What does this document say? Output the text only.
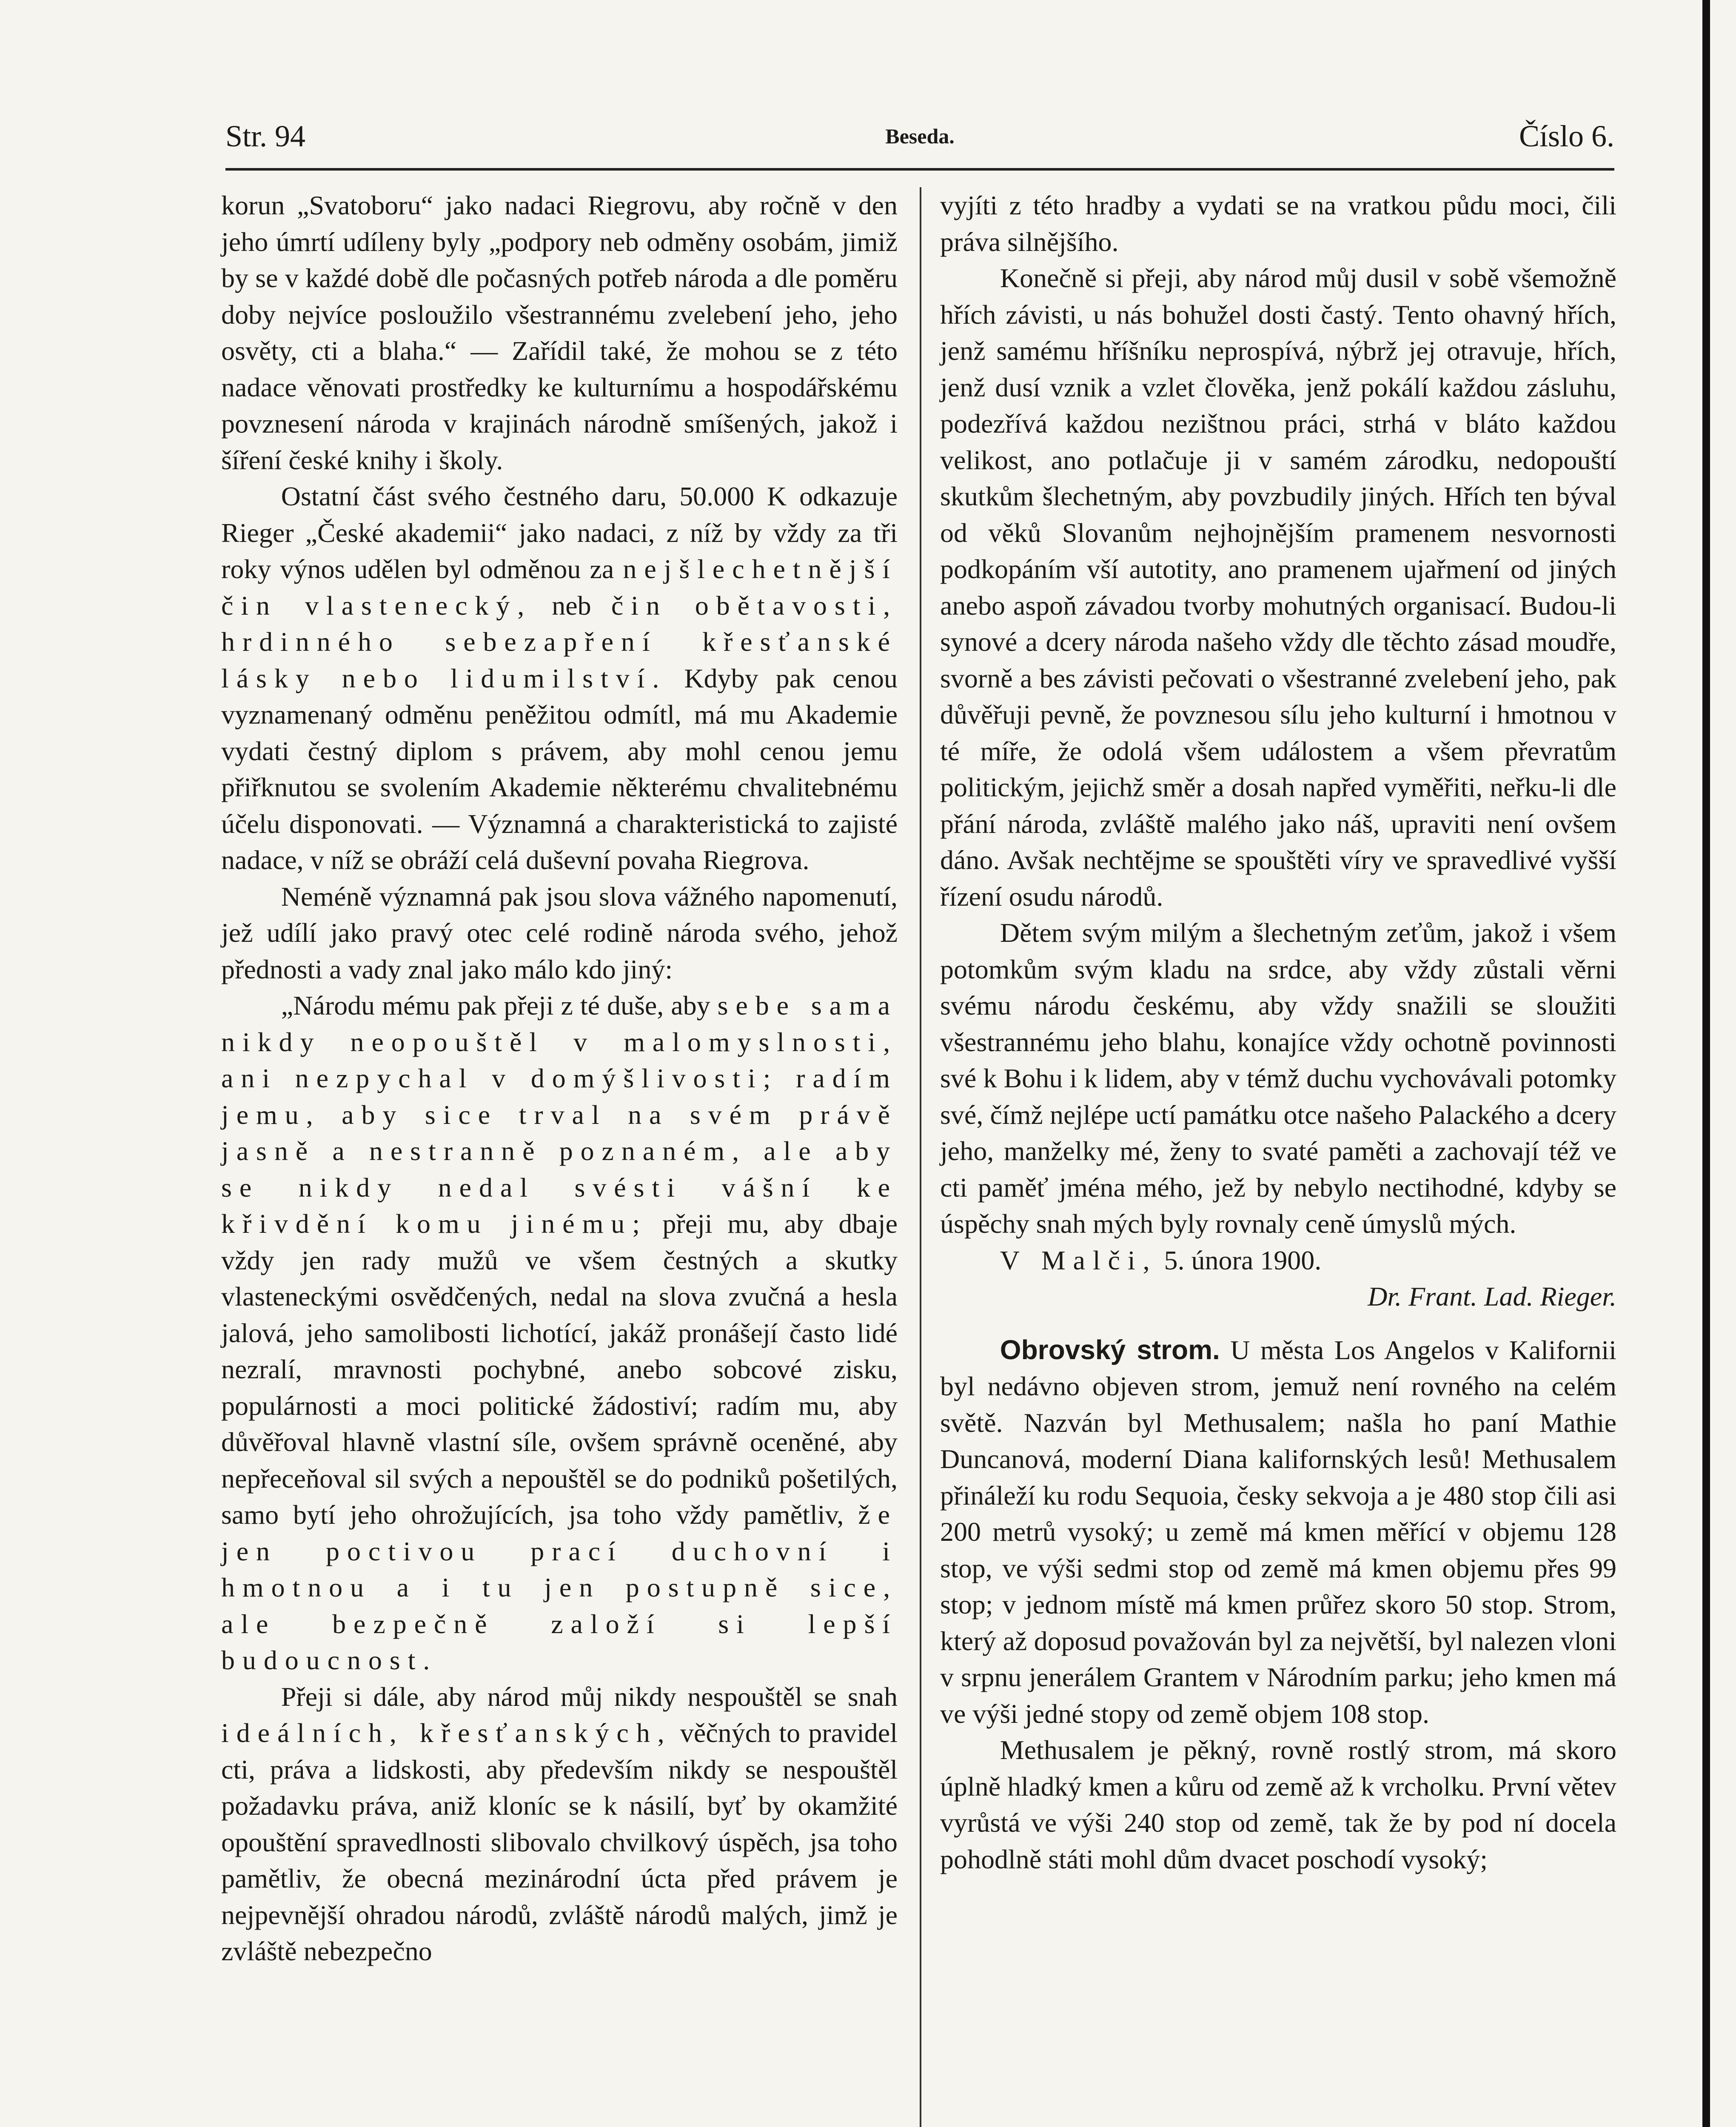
Str. 94	Beseda.	Číslo 6.

korun „Svatoboru“ jako nadaci Riegrovu, aby ročně v den jeho úmrtí udíleny byly „podpory neb odměny osobám, jimiž by se v každé době dle počasných potřeb národa a dle poměru doby nejvíce posloužilo všestrannému zvelebení jeho, jeho osvěty, cti a blaha.“ — Zařídil také, že mohou se z této nadace věnovati prostředky ke kulturnímu a hospodářskému povznesení národa v krajinách národně smíšených, jakož i šíření české knihy i školy.

Ostatní část svého čestného daru, 50.000 K odkazuje Rieger „České akademii“ jako nadaci, z níž by vždy za tři roky výnos udělen byl odměnou za nejšlechetnější čin vlastenecký, neb čin obětavosti, hrdinného sebezapření křesťanské lásky nebo lidumilství. Kdyby pak cenou vyznamenaný odměnu peněžitou odmítl, má mu Akademie vydati čestný diplom s právem, aby mohl cenou jemu přiřknutou se svolením Akademie některému chvalitebnému účelu disponovati. — Významná a charakteristická to zajisté nadace, v níž se obráží celá duševní povaha Riegrova.

Neméně významná pak jsou slova vážného napomenutí, jež udílí jako pravý otec celé rodině národa svého, jehož přednosti a vady znal jako málo kdo jiný:

„Národu mému pak přeji z té duše, aby sebe sama nikdy neopouštěl v malomyslnosti, ani nezpychal v domýšlivosti; radím jemu, aby sice trval na svém právě jasně a nestranně poznaném, ale aby se nikdy nedal svésti vášní ke křivdění komu jinému; přeji mu, aby dbaje vždy jen rady mužů ve všem čestných a skutky vlasteneckými osvědčených, nedal na slova zvučná a hesla jalová, jeho samolibosti lichotící, jakáž pronášejí často lidé nezralí, mravnosti pochybné, anebo sobcové zisku, populárnosti a moci politické žádostiví; radím mu, aby důvěřoval hlavně vlastní síle, ovšem správně oceněné, aby nepřeceňoval sil svých a nepouštěl se do podniků pošetilých, samo bytí jeho ohrožujících, jsa toho vždy pamětliv, že jen poctivou prací duchovní i hmotnou a i tu jen postupně sice, ale bezpečně založí si lepší budoucnost.

Přeji si dále, aby národ můj nikdy nespouštěl se snah ideálních, křesťanských, věčných to pravidel cti, práva a lidskosti, aby především nikdy se nespouštěl požadavku práva, aniž kloníc se k násilí, byť by okamžité opouštění spravedlnosti slibovalo chvilkový úspěch, jsa toho pamětliv, že obecná mezinárodní úcta před právem je nejpevnější ohradou národů, zvláště národů malých, jimž je zvláště nebezpečno

vyjíti z této hradby a vydati se na vratkou půdu moci, čili práva silnějšího.

Konečně si přeji, aby národ můj dusil v sobě všemožně hřích závisti, u nás bohužel dosti častý. Tento ohavný hřích, jenž samému hříšníku neprospívá, nýbrž jej otravuje, hřích, jenž dusí vznik a vzlet člověka, jenž pokálí každou zásluhu, podezřívá každou nezištnou práci, strhá v bláto každou velikost, ano potlačuje ji v samém zárodku, nedopouští skutkům šlechetným, aby povzbudily jiných. Hřích ten býval od věků Slovanům nejhojnějším pramenem nesvornosti podkopáním vší autotity, ano pramenem ujařmení od jiných anebo aspoň závadou tvorby mohutných organisací. Budou-li synové a dcery národa našeho vždy dle těchto zásad moudře, svorně a bes závisti pečovati o všestranné zvelebení jeho, pak důvěřuji pevně, že povznesou sílu jeho kulturní i hmotnou v té míře, že odolá všem událostem a všem převratům politickým, jejichž směr a dosah napřed vyměřiti, neřku-li dle přání národa, zvláště malého jako náš, upraviti není ovšem dáno. Avšak nechtějme se spouštěti víry ve spravedlivé vyšší řízení osudu národů.

Dětem svým milým a šlechetným zeťům, jakož i všem potomkům svým kladu na srdce, aby vždy zůstali věrni svému národu českému, aby vždy snažili se sloužiti všestrannému jeho blahu, konajíce vždy ochotně povinnosti své k Bohu i k lidem, aby v témž duchu vychovávali potomky své, čímž nejlépe uctí památku otce našeho Palackého a dcery jeho, manželky mé, ženy to svaté paměti a zachovají též ve cti paměť jména mého, jež by nebylo nectihodné, kdyby se úspěchy snah mých byly rovnaly ceně úmyslů mých.

V Malči, 5. února 1900.

Dr. Frant. Lad. Rieger.

Obrovský strom. U města Los Angelos v Kalifornii byl nedávno objeven strom, jemuž není rovného na celém světě. Nazván byl Methusalem; našla ho paní Mathie Duncanová, moderní Diana kalifornských lesů! Methusalem přináleží ku rodu Sequoia, česky sekvoja a je 480 stop čili asi 200 metrů vysoký; u země má kmen měřící v objemu 128 stop, ve výši sedmi stop od země má kmen objemu přes 99 stop; v jednom místě má kmen průřez skoro 50 stop. Strom, který až doposud považován byl za největší, byl nalezen vloni v srpnu jenerálem Grantem v Národním parku; jeho kmen má ve výši jedné stopy od země objem 108 stop.

Methusalem je pěkný, rovně rostlý strom, má skoro úplně hladký kmen a kůru od země až k vrcholku. První větev vyrůstá ve výši 240 stop od země, tak že by pod ní docela pohodlně státi mohl dům dvacet poschodí vysoký;
